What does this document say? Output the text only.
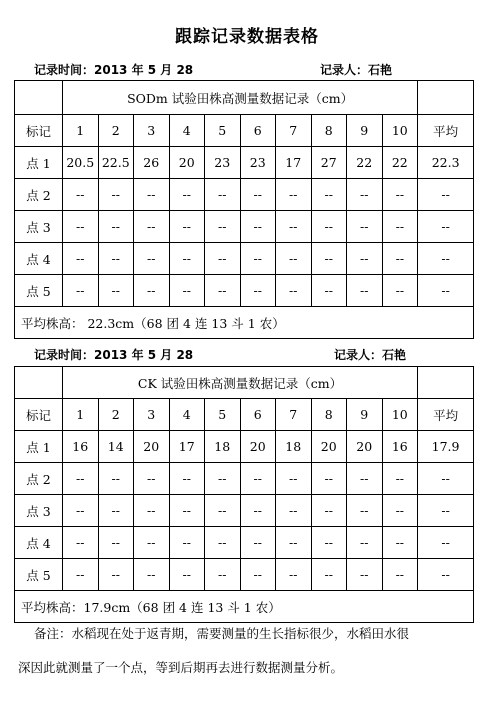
跟踪记录数据表格
记录时间：2013 年 5 月 28	记录人：石艳
	SODm 试验田株高测量数据记录（cm）										
标记	1	2	3	4	5	6	7	8	9	10	平均
点 1	20.5	22.5	26	20	23	23	17	27	22	22	22.3
点 2	--	--	--	--	--	--	--	--	--	--	--
点 3	--	--	--	--	--	--	--	--	--	--	--
点 4	--	--	--	--	--	--	--	--	--	--	--
点 5	--	--	--	--	--	--	--	--	--	--	--
平均株高： 22.3cm（68 团 4 连 13 斗 1 农）											
记录时间：2013 年 5 月 28	记录人：石艳
	CK 试验田株高测量数据记录（cm）										
标记	1	2	3	4	5	6	7	8	9	10	平均
点 1	16	14	20	17	18	20	18	20	20	16	17.9
点 2	--	--	--	--	--	--	--	--	--	--	--
点 3	--	--	--	--	--	--	--	--	--	--	--
点 4	--	--	--	--	--	--	--	--	--	--	--
点 5	--	--	--	--	--	--	--	--	--	--	--
平均株高：17.9cm（68 团 4 连 13 斗 1 农）											
备注：水稻现在处于返青期，需要测量的生长指标很少，水稻田水很
深因此就测量了一个点，等到后期再去进行数据测量分析。
